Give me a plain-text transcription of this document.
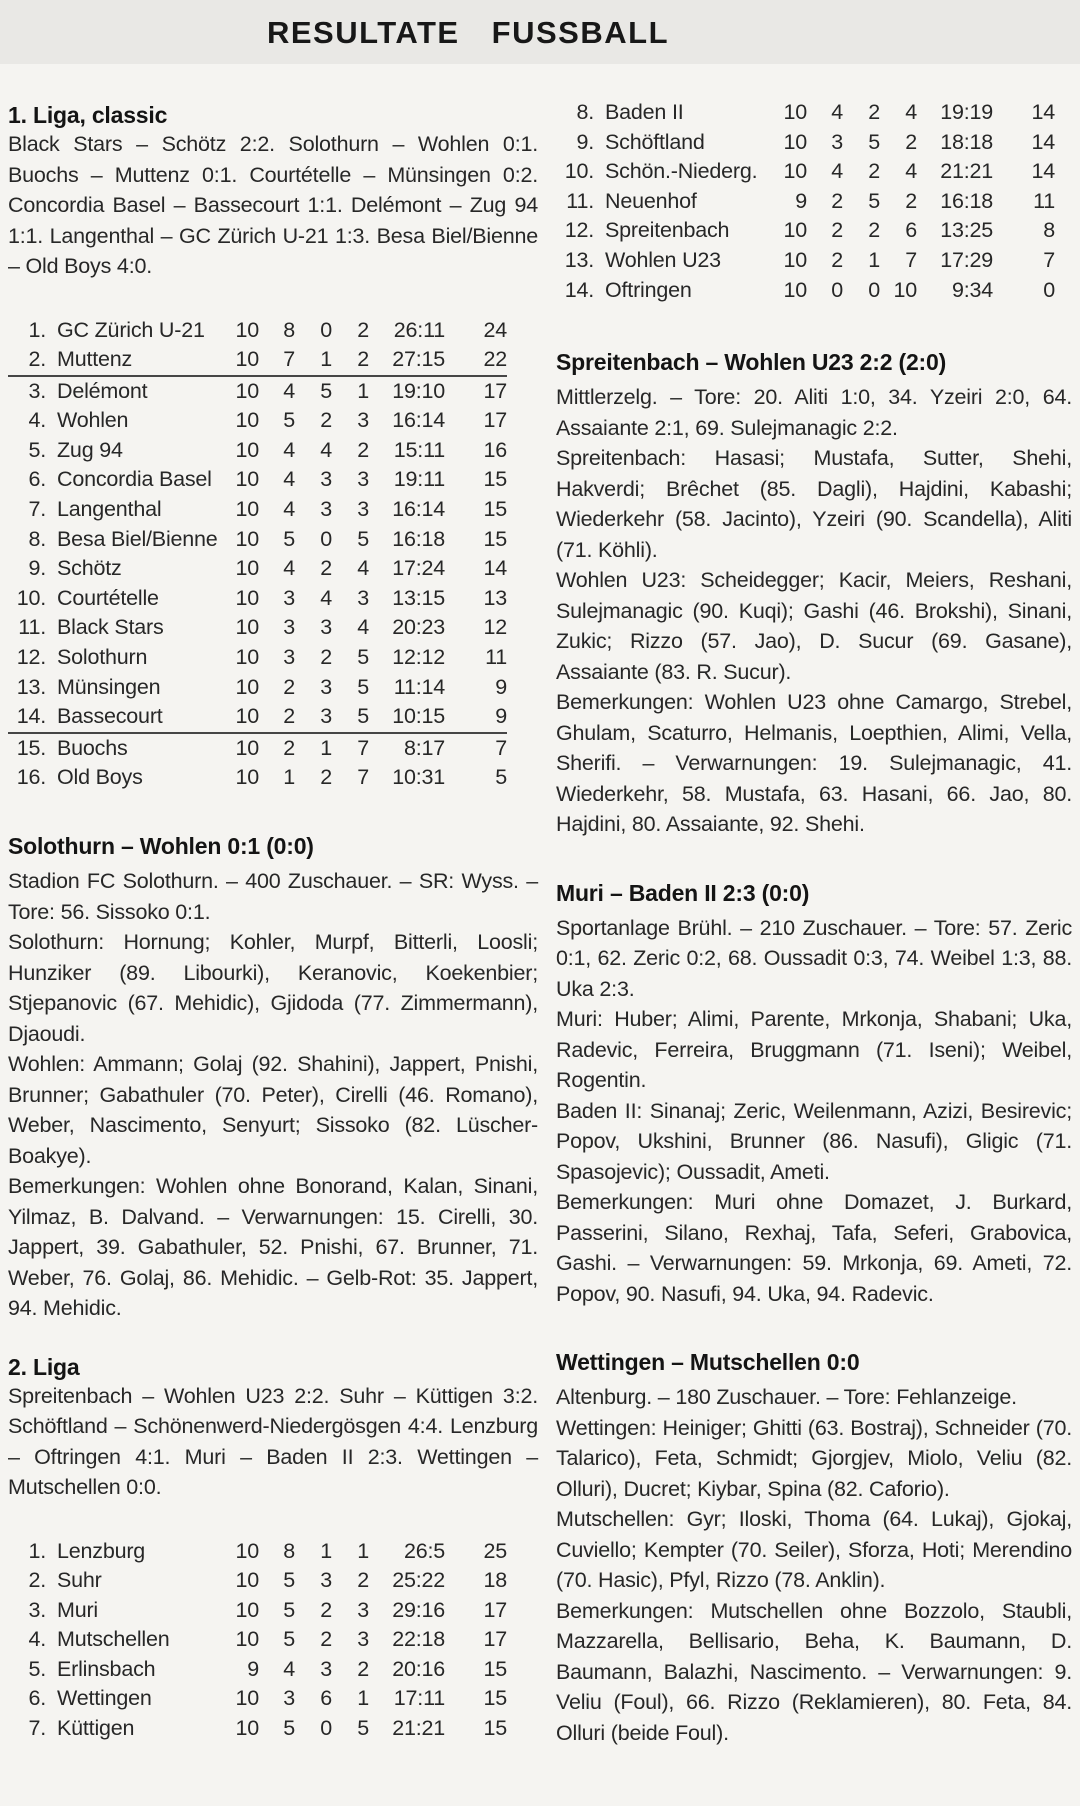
RESULTATE FUSSBALL
1. Liga, classic

Black Stars – Schötz 2:2. Solothurn – Wohlen 0:1. Buochs – Muttenz 0:1. Courtételle – Münsingen 0:2. Concordia Basel – Bassecourt 1:1. Delémont – Zug 94 1:1. Langenthal – GC Zürich U-21 1:3. Besa Biel/Bienne – Old Boys 4:0.

1. GC Zürich U-21	10	8	0	2	26:11	24
2. Muttenz	10	7	1	2	27:15	22
3. Delémont	10	4	5	1	19:10	17
4. Wohlen	10	5	2	3	16:14	17
5. Zug 94	10	4	4	2	15:11	16
6. Concordia Basel	10	4	3	3	19:11	15
7. Langenthal	10	4	3	3	16:14	15
8. Besa Biel/Bienne 10	5	0	5	16:18	15
9. Schötz	10	4	2	4	17:24	14
10. Courtételle	10	3	4	3	13:15	13
11. Black Stars	10	3	3	4	20:23	12
12. Solothurn	10	3	2	5	12:12	11
13. Münsingen	10	2	3	5	11:14	9
14. Bassecourt	10	2	3	5	10:15	9
15. Buochs	10	2	1	7	8:17	7
16. Old Boys	10	1	2	7	10:31	5
Solothurn – Wohlen 0:1 (0:0)

Stadion FC Solothurn. – 400 Zuschauer. – SR: Wyss. – Tore: 56. Sissoko 0:1.

Solothurn: Hornung; Kohler, Murpf, Bitterli, Loosli; Hunziker (89. Libourki), Keranovic, Koekenbier; Stjepanovic (67. Mehidic), Gjidoda (77. Zimmermann), Djaoudi.

Wohlen: Ammann; Golaj (92. Shahini), Jappert, Pnishi, Brunner; Gabathuler (70. Peter), Cirelli (46. Romano), Weber, Nascimento, Senyurt; Sissoko (82. Lüscher-Boakye).

Bemerkungen: Wohlen ohne Bonorand, Kalan, Sinani, Yilmaz, B. Dalvand. – Verwarnungen: 15. Cirelli, 30. Jappert, 39. Gabathuler, 52. Pnishi, 67. Brunner, 71. Weber, 76. Golaj, 86. Mehidic. – Gelb-Rot: 35. Jappert, 94. Mehidic.

2. Liga

Spreitenbach – Wohlen U23 2:2. Suhr – Küttigen 3:2. Schöftland – Schönenwerd-Niedergösgen 4:4. Lenzburg – Oftringen 4:1. Muri – Baden II 2:3. Wettingen – Mutschellen 0:0.

1. Lenzburg	10	8	1	1	26:5	25
2. Suhr	10	5	3	2	25:22	18
3. Muri	10	5	2	3	29:16	17
4. Mutschellen	10	5	2	3	22:18	17
5. Erlinsbach	9	4	3	2	20:16	15
6. Wettingen	10	3	6	1	17:11	15
7. Küttigen	10	5	0	5	21:21	15
8. Baden II	10	4	2	4	19:19	14
9. Schöftland	10	3	5	2	18:18	14
10. Schön.-Niederg.	10	4	2	4	21:21	14
11. Neuenhof	9	2	5	2	16:18	11
12. Spreitenbach	10	2	2	6	13:25	8
13. Wohlen U23	10	2	1	7	17:29	7
14. Oftringen	10	0	0 10	9:34	0
Spreitenbach – Wohlen U23 2:2 (2:0)

Mittlerzelg. – Tore: 20. Aliti 1:0, 34. Yzeiri 2:0, 64. Assaiante 2:1, 69. Sulejmanagic 2:2.

Spreitenbach: Hasasi; Mustafa, Sutter, Shehi, Hakverdi; Brêchet (85. Dagli), Hajdini, Kabashi; Wiederkehr (58. Jacinto), Yzeiri (90. Scandella), Aliti (71. Köhli).

Wohlen U23: Scheidegger; Kacir, Meiers, Reshani, Sulejmanagic (90. Kuqi); Gashi (46. Brokshi), Sinani, Zukic; Rizzo (57. Jao), D. Sucur (69. Gasane), Assaiante (83. R. Sucur).

Bemerkungen: Wohlen U23 ohne Camargo, Strebel, Ghulam, Scaturro, Helmanis, Loepthien, Alimi, Vella, Sherifi. – Verwarnungen: 19. Sulejmanagic, 41. Wiederkehr, 58. Mustafa, 63. Hasani, 66. Jao, 80. Hajdini, 80. Assaiante, 92. Shehi.

Muri – Baden II 2:3 (0:0)

Sportanlage Brühl. – 210 Zuschauer. – Tore: 57. Zeric 0:1, 62. Zeric 0:2, 68. Oussadit 0:3, 74. Weibel 1:3, 88. Uka 2:3.

Muri: Huber; Alimi, Parente, Mrkonja, Shabani; Uka, Radevic, Ferreira, Bruggmann (71. Iseni); Weibel, Rogentin.

Baden II: Sinanaj; Zeric, Weilenmann, Azizi, Besirevic; Popov, Ukshini, Brunner (86. Nasufi), Gligic (71. Spasojevic); Oussadit, Ameti.

Bemerkungen: Muri ohne Domazet, J. Burkard, Passerini, Silano, Rexhaj, Tafa, Seferi, Grabovica, Gashi. – Verwarnungen: 59. Mrkonja, 69. Ameti, 72. Popov, 90. Nasufi, 94. Uka, 94. Radevic.

Wettingen – Mutschellen 0:0

Altenburg. – 180 Zuschauer. – Tore: Fehlanzeige.

Wettingen: Heiniger; Ghitti (63. Bostraj), Schneider (70. Talarico), Feta, Schmidt; Gjorgjev, Miolo, Veliu (82. Olluri), Ducret; Kiybar, Spina (82. Caforio).

Mutschellen: Gyr; Iloski, Thoma (64. Lukaj), Gjokaj, Cuviello; Kempter (70. Seiler), Sforza, Hoti; Merendino (70. Hasic), Pfyl, Rizzo (78. Anklin).

Bemerkungen: Mutschellen ohne Bozzolo, Staubli, Mazzarella, Bellisario, Beha, K. Baumann, D. Baumann, Balazhi, Nascimento. – Verwarnungen: 9. Veliu (Foul), 66. Rizzo (Reklamieren), 80. Feta, 84. Olluri (beide Foul).
